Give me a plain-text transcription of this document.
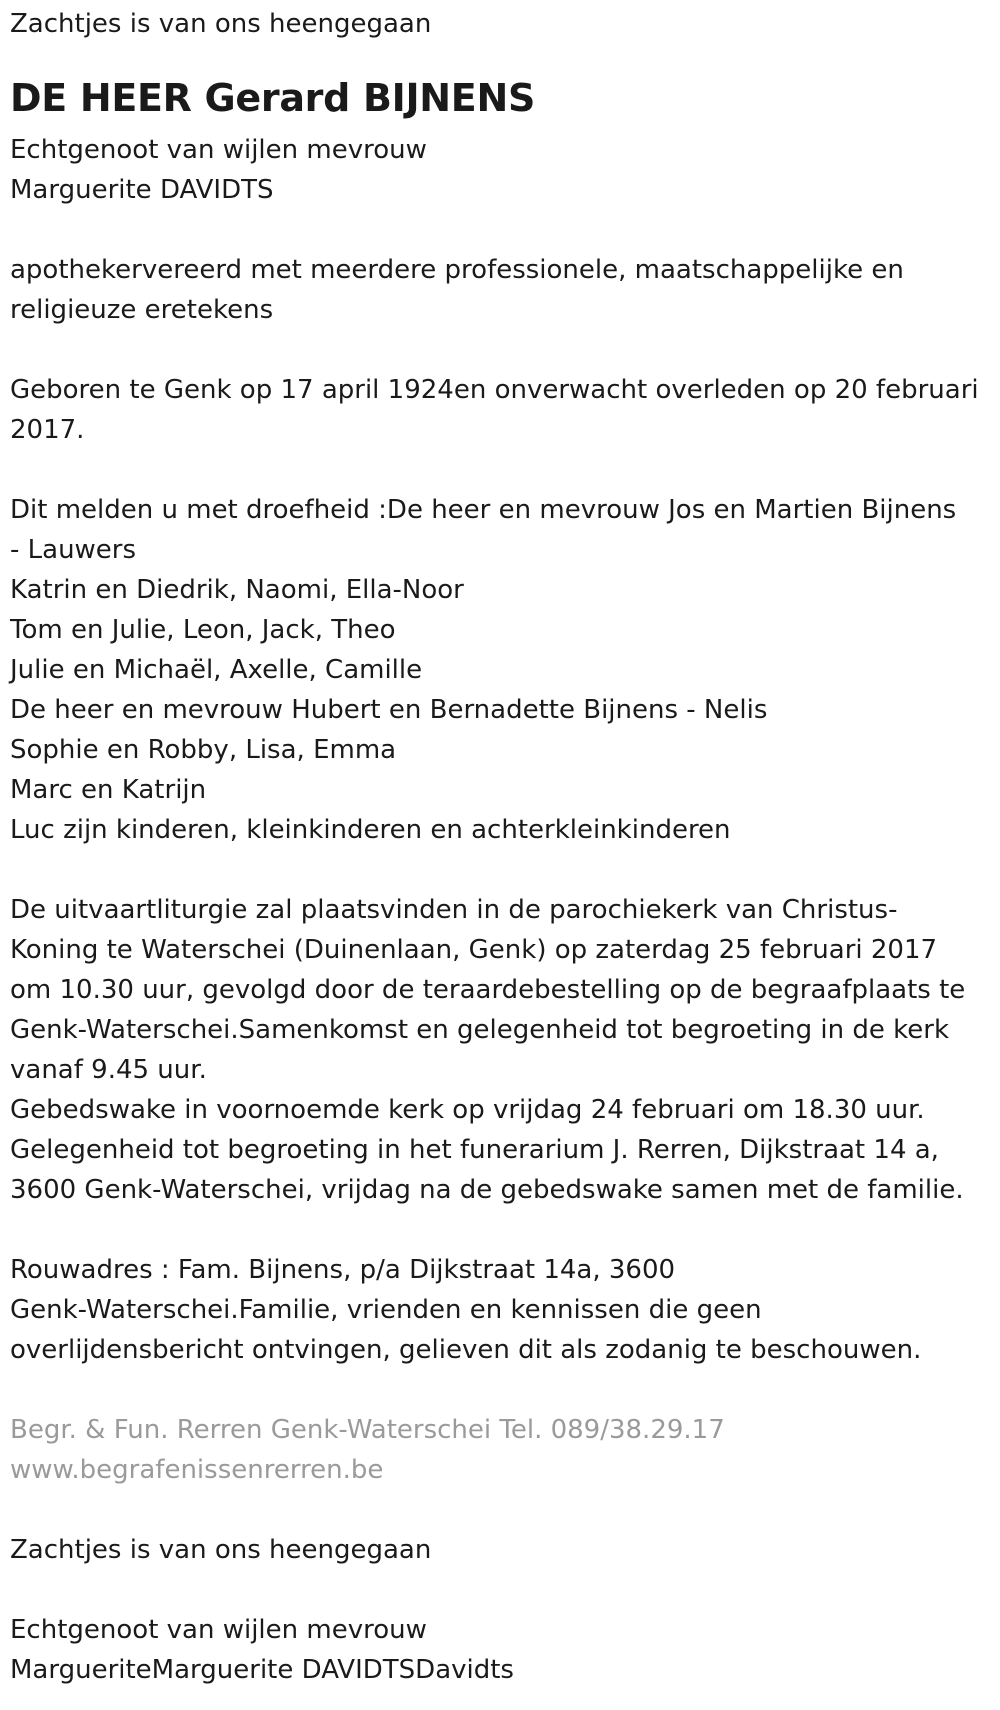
Zachtjes is van ons heengegaan

DE HEER Gerard BIJNENS

Echtgenoot van wijlen mevrouw

Marguerite DAVIDTS

apothekervereerd met meerdere professionele, maatschappelijke en

religieuze eretekens

Geboren te Genk op 17 april 1924en onverwacht overleden op 20 februari

2017.

Dit melden u met droefheid :De heer en mevrouw Jos en Martien Bijnens

- Lauwers

Katrin en Diedrik, Naomi, Ella-Noor

Tom en Julie, Leon, Jack, Theo

Julie en Michaël, Axelle, Camille

De heer en mevrouw Hubert en Bernadette Bijnens - Nelis

Sophie en Robby, Lisa, Emma

Marc en Katrijn

Luc zijn kinderen, kleinkinderen en achterkleinkinderen

De uitvaartliturgie zal plaatsvinden in de parochiekerk van Christus-

Koning te Waterschei (Duinenlaan, Genk) op zaterdag 25 februari 2017

om 10.30 uur, gevolgd door de teraardebestelling op de begraafplaats te

Genk-Waterschei.Samenkomst en gelegenheid tot begroeting in de kerk

vanaf 9.45 uur.

Gebedswake in voornoemde kerk op vrijdag 24 februari om 18.30 uur.

Gelegenheid tot begroeting in het funerarium J. Rerren, Dijkstraat 14 a,

3600 Genk-Waterschei, vrijdag na de gebedswake samen met de familie.

Rouwadres : Fam. Bijnens, p/a Dijkstraat 14a, 3600

Genk-Waterschei.Familie, vrienden en kennissen die geen

overlijdensbericht ontvingen, gelieven dit als zodanig te beschouwen.

Begr. & Fun. Rerren Genk-Waterschei Tel. 089/38.29.17

www.begrafenissenrerren.be

Zachtjes is van ons heengegaan

Echtgenoot van wijlen mevrouw

MargueriteMarguerite DAVIDTSDavidts
